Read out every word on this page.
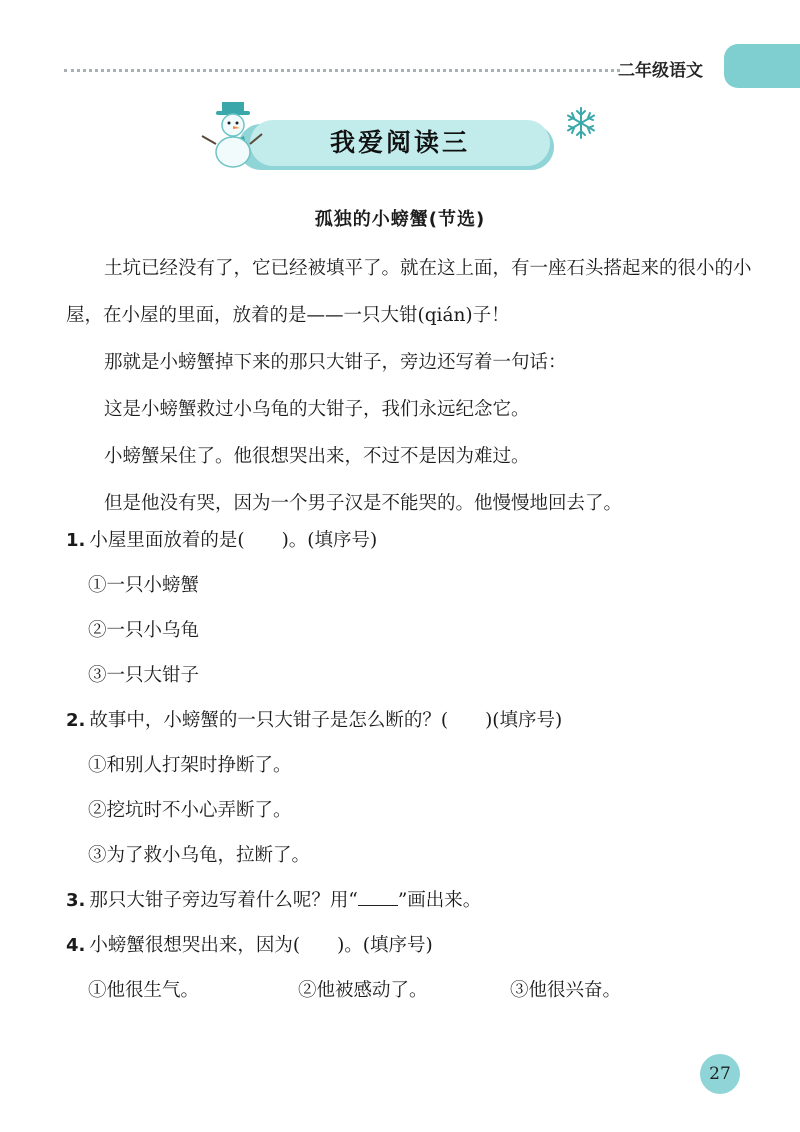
二年级语文
我爱阅读三
孤独的小螃蟹(节选)

土坑已经没有了，它已经被填平了。就在这上面，有一座石头搭起来的很小的小屋，在小屋的里面，放着的是——一只大钳(qián)子！

那就是小螃蟹掉下来的那只大钳子，旁边还写着一句话：

这是小螃蟹救过小乌龟的大钳子，我们永远纪念它。

小螃蟹呆住了。他很想哭出来，不过不是因为难过。

但是他没有哭，因为一个男子汉是不能哭的。他慢慢地回去了。

1. 小屋里面放着的是(　　)。(填序号)
①一只小螃蟹
②一只小乌龟
③一只大钳子
2. 故事中，小螃蟹的一只大钳子是怎么断的？(　　)(填序号)
①和别人打架时挣断了。
②挖坑时不小心弄断了。
③为了救小乌龟，拉断了。
3. 那只大钳子旁边写着什么呢？用“ ”画出来。
4. 小螃蟹很想哭出来，因为(　　)。(填序号)
①他很生气。	②他被感动了。	③他很兴奋。
27
